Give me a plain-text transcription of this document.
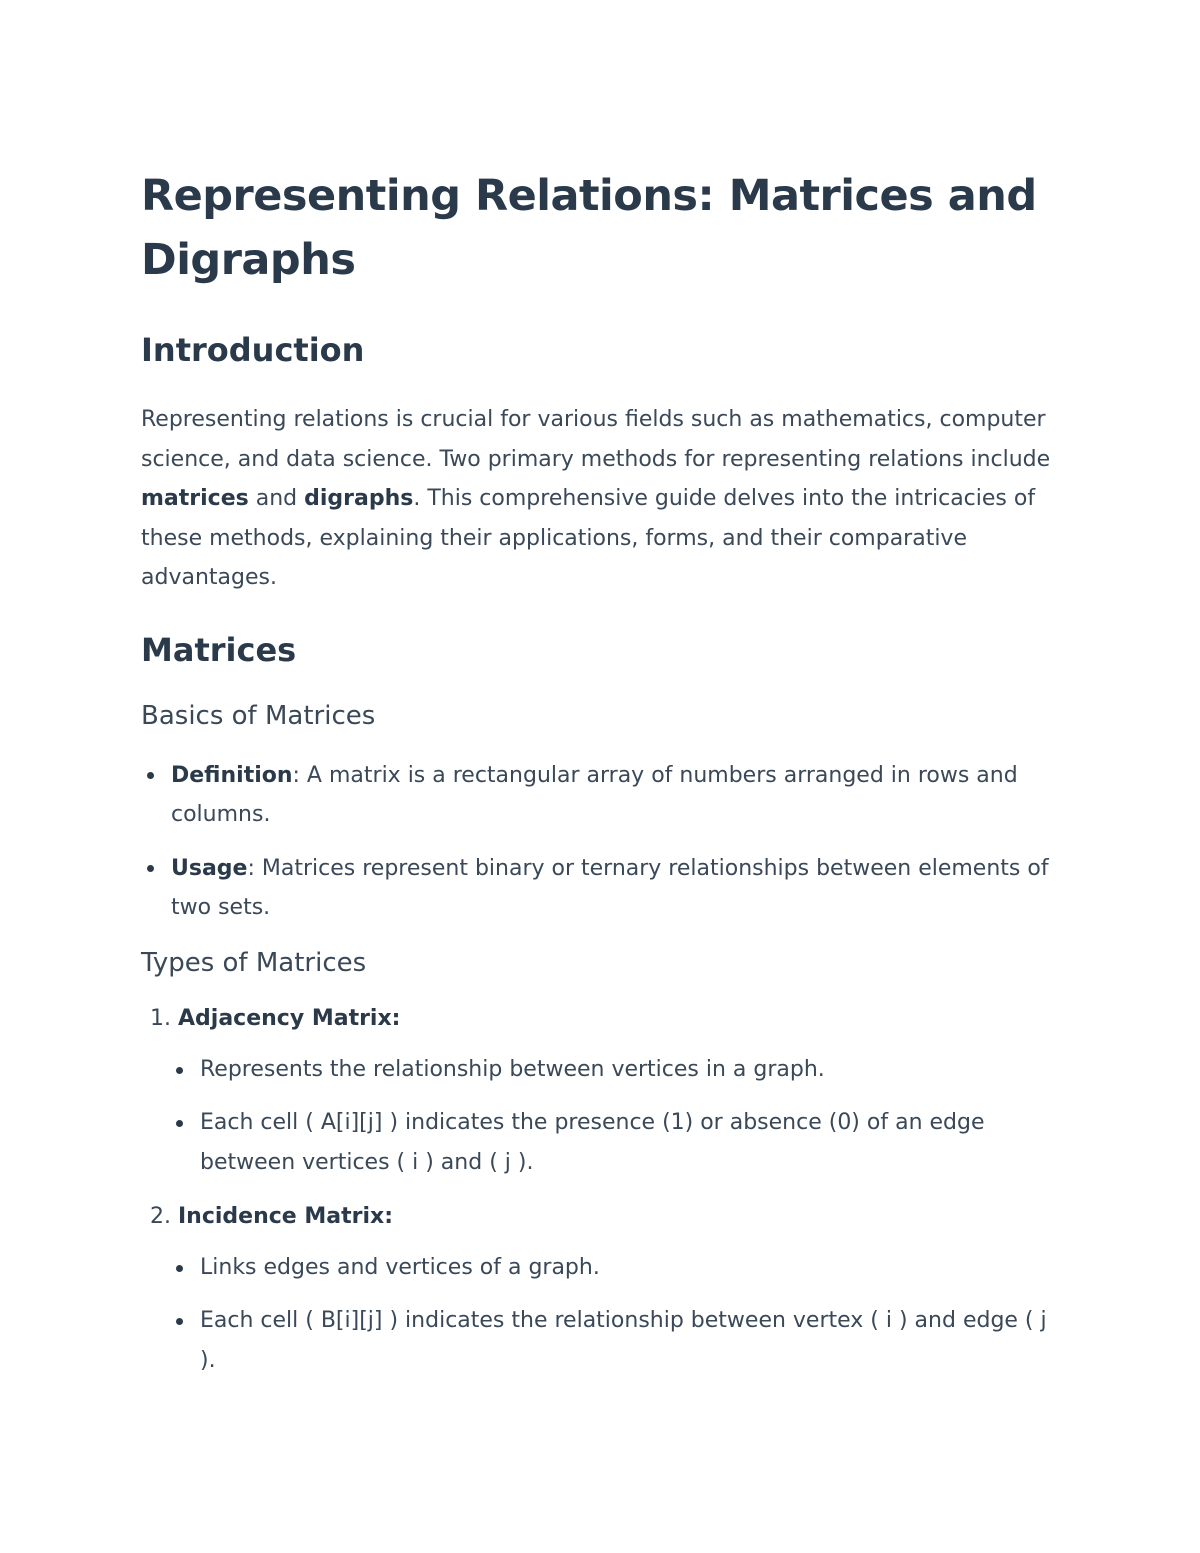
Representing Relations: Matrices and Digraphs
Introduction

Representing relations is crucial for various fields such as mathematics, computer science, and data science. Two primary methods for representing relations include matrices and digraphs. This comprehensive guide delves into the intricacies of these methods, explaining their applications, forms, and their comparative advantages.

Matrices
Basics of Matrices
Definition: A matrix is a rectangular array of numbers arranged in rows and columns.
Usage: Matrices represent binary or ternary relationships between elements of two sets.
Types of Matrices
1. Adjacency Matrix:
Represents the relationship between vertices in a graph.
Each cell ( A[i][j] ) indicates the presence (1) or absence (0) of an edge between vertices ( i ) and ( j ).
2. Incidence Matrix:
Links edges and vertices of a graph.
Each cell ( B[i][j] ) indicates the relationship between vertex ( i ) and edge ( j ).
